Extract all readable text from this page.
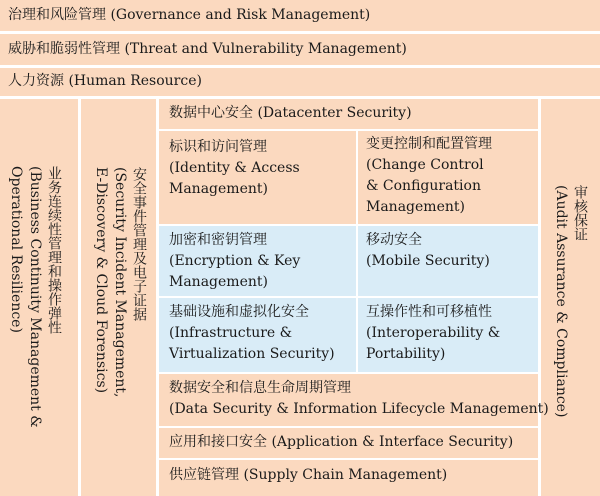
治理和风险管理 (Governance and Risk Management)
威胁和脆弱性管理 (Threat and Vulnerability Management)
人力资源 (Human Resource)
业务连续性管理和操作弹性
(Business Continuity Management &
Operational Resilience)	安全事件管理及电子证据
(Security Incident Management,
E-Discovery & Cloud Forensics)
审核保证
(Audit Assurance & Compliance)
数据中心安全 (Datacenter Security)
标识和访问管理
(Identity & Access
Management)
变更控制和配置管理
(Change Control
& Configuration
Management)
加密和密钥管理
(Encryption & Key
Management)
移动安全
(Mobile Security)
基础设施和虚拟化安全
(Infrastructure &
Virtualization Security)
互操作性和可移植性
(Interoperability &
Portability)
数据安全和信息生命周期管理
(Data Security & Information Lifecycle Management)
应用和接口安全 (Application & Interface Security)
供应链管理 (Supply Chain Management)
